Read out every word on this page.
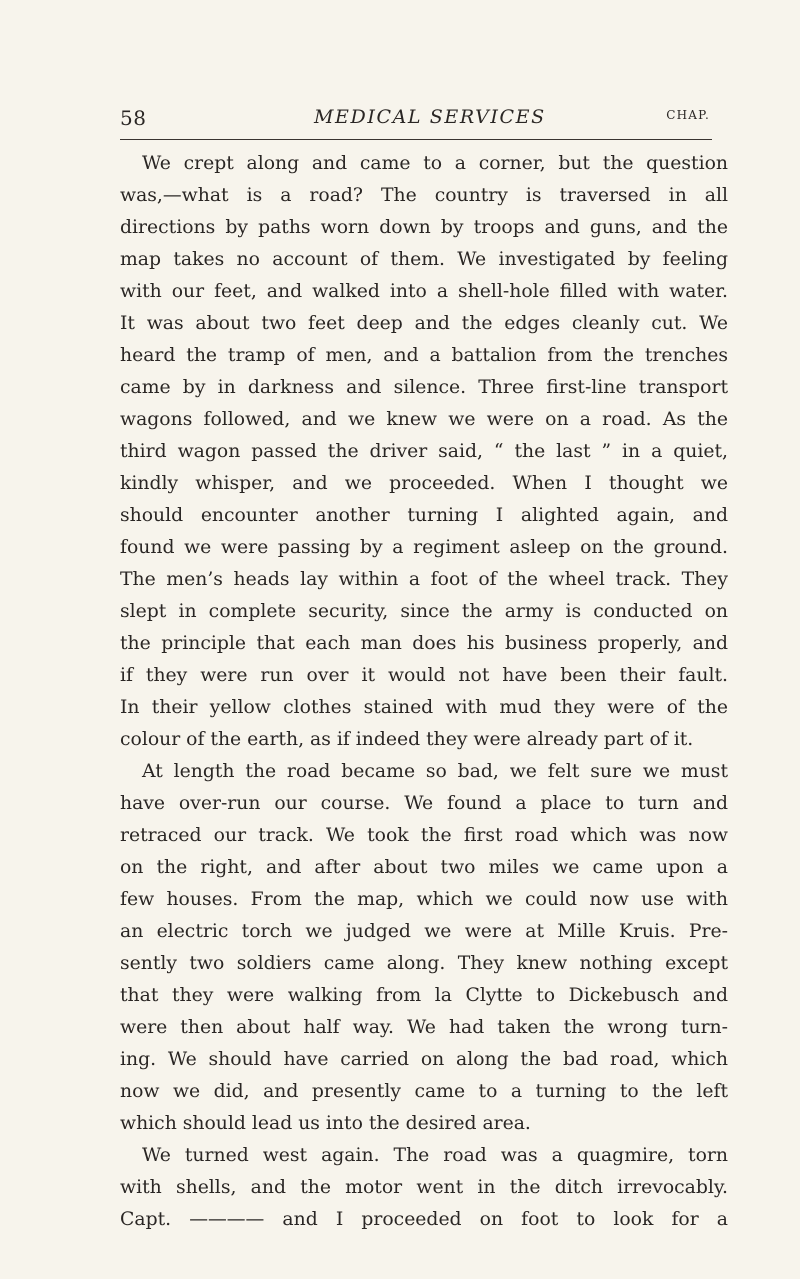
58	MEDICAL SERVICES	CHAP.
We crept along and came to a corner, but the question
was,—what is a road? The country is traversed in all
directions by paths worn down by troops and guns, and the
map takes no account of them. We investigated by feeling
with our feet, and walked into a shell-hole filled with water.
It was about two feet deep and the edges cleanly cut. We
heard the tramp of men, and a battalion from the trenches
came by in darkness and silence. Three first-line transport
wagons followed, and we knew we were on a road. As the
third wagon passed the driver said, “ the last ” in a quiet,
kindly whisper, and we proceeded. When I thought we
should encounter another turning I alighted again, and
found we were passing by a regiment asleep on the ground.
The men’s heads lay within a foot of the wheel track. They
slept in complete security, since the army is conducted on
the principle that each man does his business properly, and
if they were run over it would not have been their fault.
In their yellow clothes stained with mud they were of the
colour of the earth, as if indeed they were already part of it.
At length the road became so bad, we felt sure we must
have over-run our course. We found a place to turn and
retraced our track. We took the first road which was now
on the right, and after about two miles we came upon a
few houses. From the map, which we could now use with
an electric torch we judged we were at Mille Kruis. Pre-
sently two soldiers came along. They knew nothing except
that they were walking from la Clytte to Dickebusch and
were then about half way. We had taken the wrong turn-
ing. We should have carried on along the bad road, which
now we did, and presently came to a turning to the left
which should lead us into the desired area.
We turned west again. The road was a quagmire, torn
with shells, and the motor went in the ditch irrevocably.
Capt. ———— and I proceeded on foot to look for a
